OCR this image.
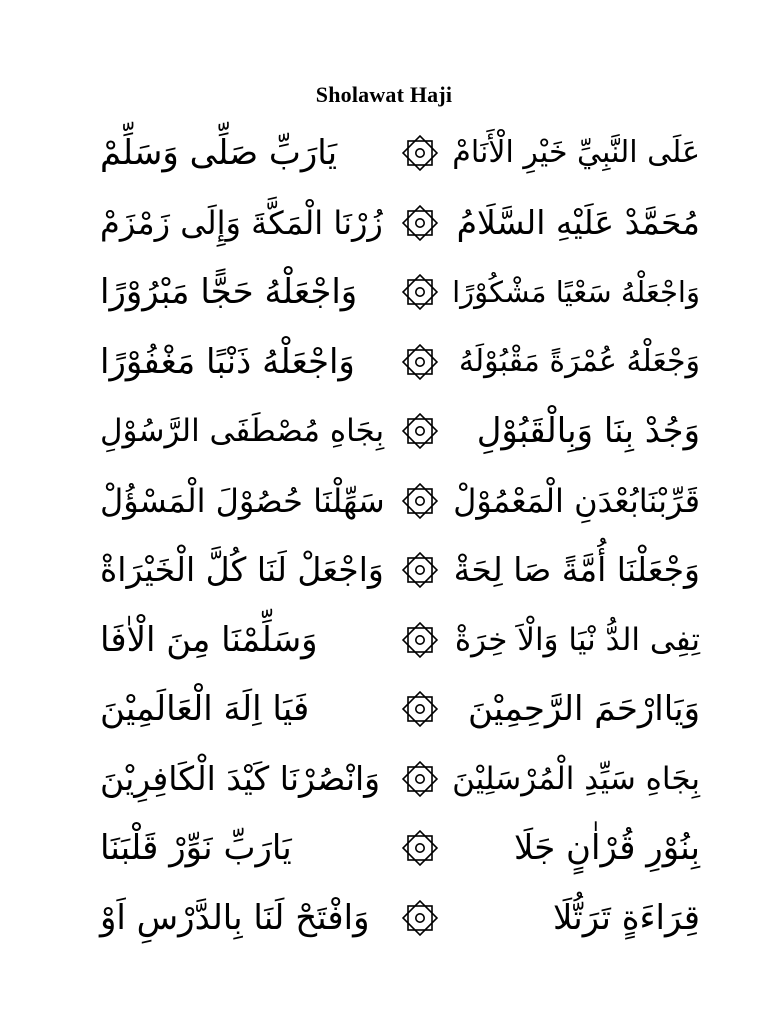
Sholawat Haji
عَلَى النَّبِيِّ خَيْرِ الْأَنَامْ
يَارَبِّ صَلِّى وَسَلِّمْ
مُحَمَّدْ عَلَيْهِ السَّلَامُ
زُرْنَا الْمَكَّةَ وَإِلَى زَمْزَمْ
وَاجْعَلْهُ سَعْيًا مَشْكُوْرًا
وَاجْعَلْهُ حَجًّا مَبْرُوْرًا
وَجْعَلْهُ عُمْرَةً مَقْبُوْلَهُ
وَاجْعَلْهُ ذَنْبًا مَغْفُوْرًا
وَجُدْ بِنَا وَبِالْقَبُوْلِ
بِجَاهِ مُصْطَفَى الرَّسُوْلِ
قَرِّبْنَابُعْدَنِ الْمَعْمُوْلْ
سَهِّلْنَا حُصُوْلَ الْمَسْؤُلْ
وَجْعَلْنَا أُمَّةً صَا لِحَةْ
وَاجْعَلْ لَنَا كُلَّ الْخَيْرَاةْ
تِفِى الدُّ نْيَا وَالْاَ خِرَةْ
وَسَلِّمْنَا مِنَ الْاٰفَا
وَيَاارْحَمَ الرَّحِمِيْنَ
فَيَا اِلَهَ الْعَالَمِيْنَ
بِجَاهِ سَيِّدِ الْمُرْسَلِيْنَ
وَانْصُرْنَا كَيْدَ الْكَافِرِيْنَ
بِنُوْرِ قُرْاٰنٍ جَلَا
يَارَبِّ نَوِّرْ قَلْبَنَا
قِرَاءَةٍ تَرَتُّلَا
وَافْتَحْ لَنَا بِالدَّرْسِ اَوْ
